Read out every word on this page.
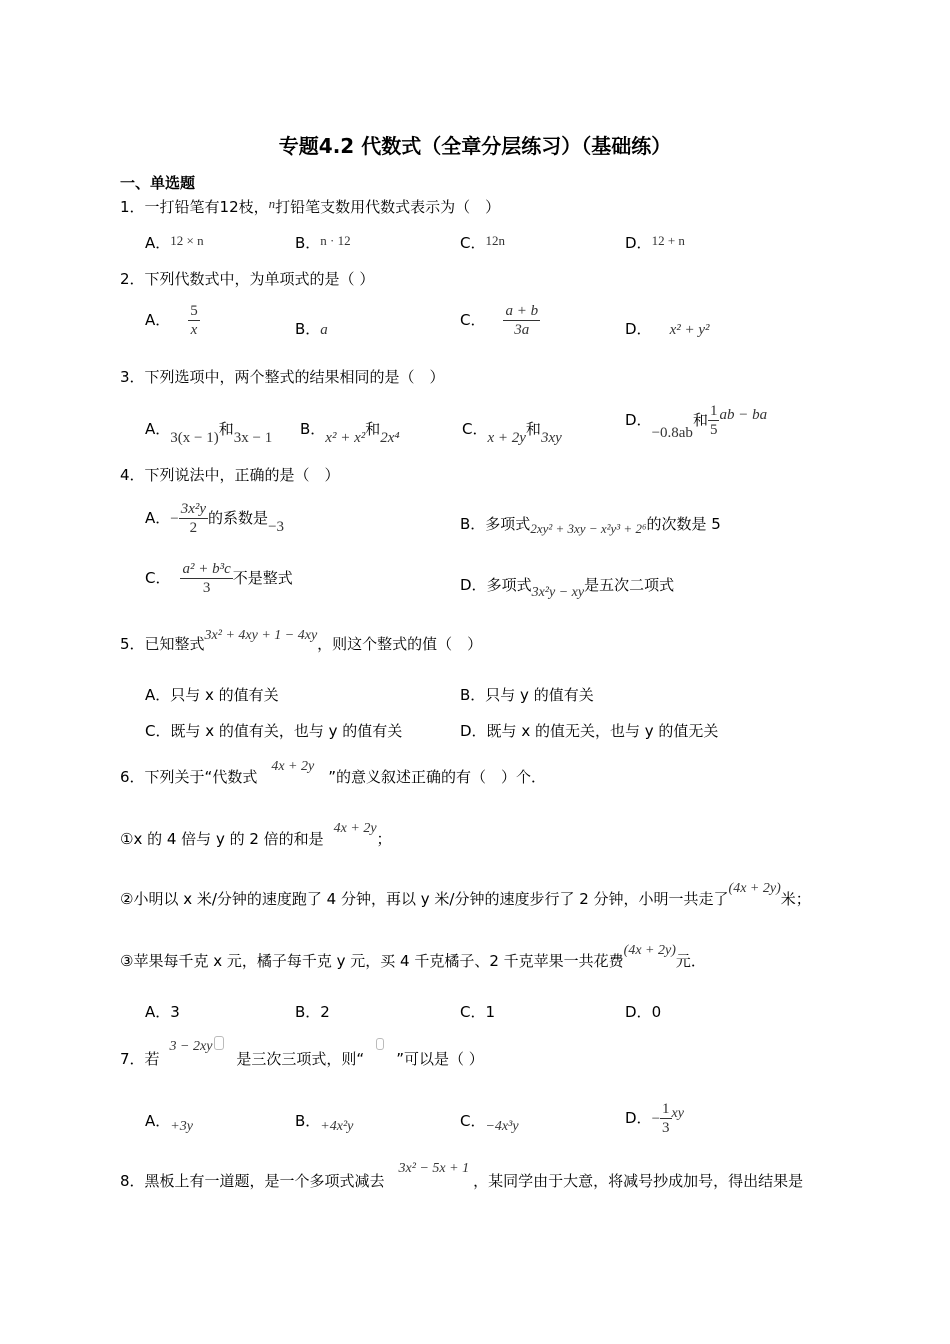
专题4.2 代数式（全章分层练习）（基础练）
一、单选题
1．一打铅笔有12枝，n打铅笔支数用代数式表示为（　）
A．12 × n	B．n · 12	C．12n	D．12 + n
2．下列代数式中，为单项式的是（ ）
A． $\frac{5}{x}$	B．a
C． $\frac{a + b}{3a}$	D． x² + y²
3．下列选项中，两个整式的结果相同的是（　）
A．3(x − 1)和3x − 1 B．x² + x²和2x⁴	C．x + 2y和3xy
D．−0.8ab和 $\frac{1}{5}$ ab − ba
4．下列说法中，正确的是（　）
A．− $\frac{\text{3x²y}}{2}$ 的系数是−3	B．多项式2xy² + 3xy − x²y³ + 2⁶的次数是 5
C． $\frac{\text{a² + b³c}}{3}$ 不是整式	D．多项式3x²y − xy是五次二项式
5．已知整式3x² + 4xy + 1 − 4xy，则这个整式的值（　）
A．只与 x 的值有关	B．只与 y 的值有关
C．既与 x 的值有关，也与 y 的值有关	D．既与 x 的值无关，也与 y 的值无关
6．下列关于“代数式4x + 2y”的意义叙述正确的有（　）个．
①x 的 4 倍与 y 的 2 倍的和是4x + 2y；
②小明以 x 米/分钟的速度跑了 4 分钟，再以 y 米/分钟的速度步行了 2 分钟，小明一共走了(4x + 2y)米；
③苹果每千克 x 元，橘子每千克 y 元，买 4 千克橘子、2 千克苹果一共花费(4x + 2y)元．
A．3	B．2	C．1	D．0
7．若3 − 2xy是三次三项式，则“ ”可以是（ ）
A．+3y	B．+4x²y	C．−4x³y	D．− $\frac{1}{3}$ xy
8．黑板上有一道题，是一个多项式减去3x² − 5x + 1，某同学由于大意，将减号抄成加号，得出结果是
